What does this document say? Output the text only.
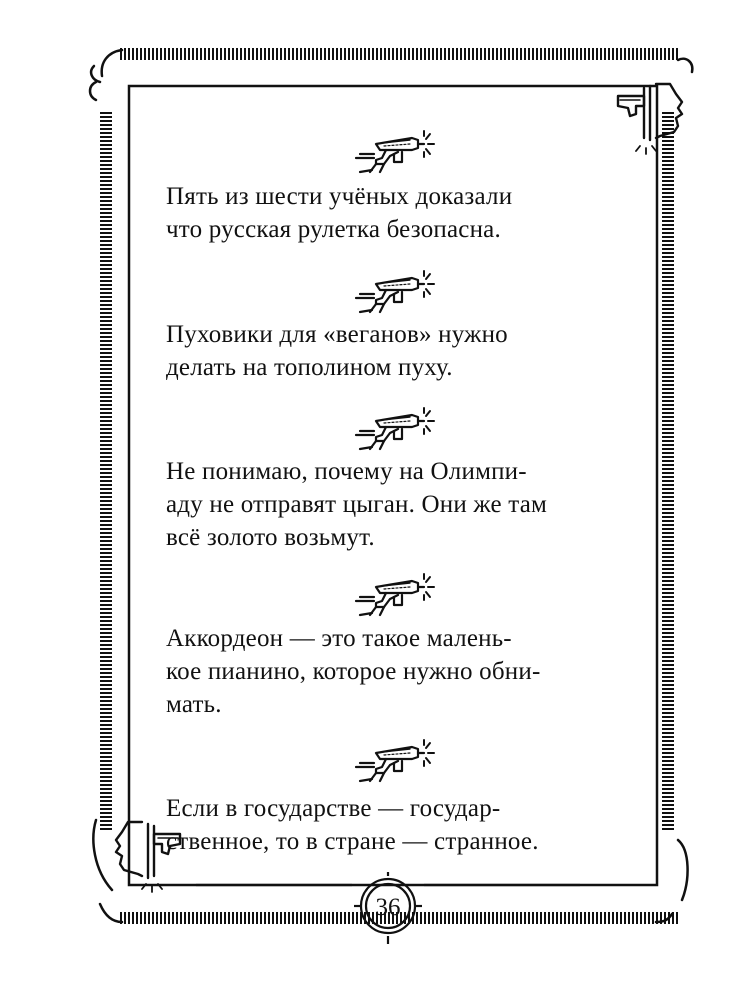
Пять из шести учёных доказали
что русская рулетка безопасна.

Пуховики для «веганов» нужно
делать на тополином пуху.

Не понимаю, почему на Олимпи-
аду не отправят цыган. Они же там
всё золото возьмут.

Аккордеон — это такое малень-
кое пианино, которое нужно обни-
мать.

Если в государстве — государ-
ственное, то в стране — странное.

36
